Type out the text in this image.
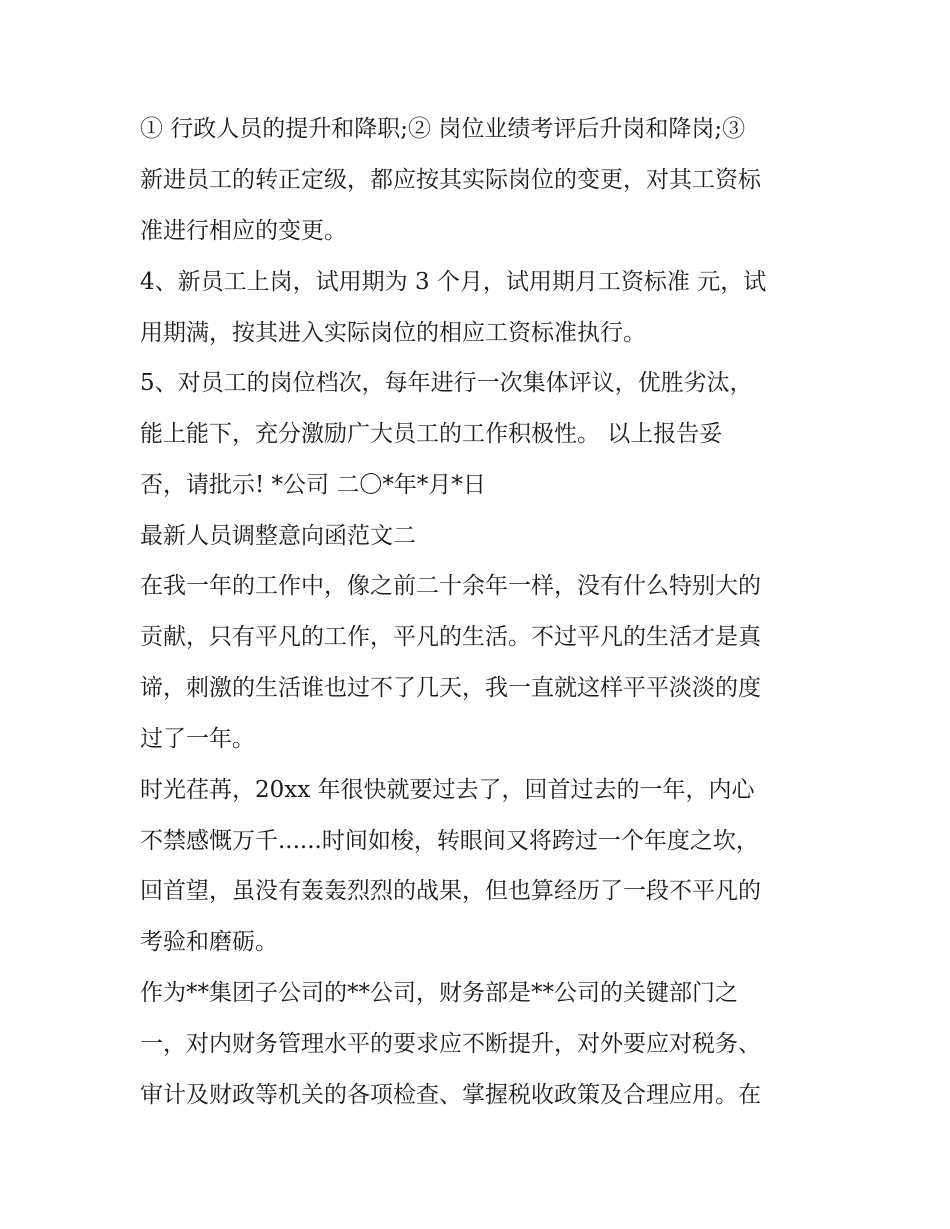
① 行政人员的提升和降职;② 岗位业绩考评后升岗和降岗;③

新进员工的转正定级，都应按其实际岗位的变更，对其工资标

准进行相应的变更。

4、新员工上岗，试用期为 3 个月，试用期月工资标准 元，试

用期满，按其进入实际岗位的相应工资标准执行。

5、对员工的岗位档次，每年进行一次集体评议，优胜劣汰，

能上能下，充分激励广大员工的工作积极性。 以上报告妥

否，请批示! *公司 二〇*年*月*日

最新人员调整意向函范文二

在我一年的工作中，像之前二十余年一样，没有什么特别大的

贡献，只有平凡的工作，平凡的生活。不过平凡的生活才是真

谛，刺激的生活谁也过不了几天，我一直就这样平平淡淡的度

过了一年。

时光荏苒，20xx 年很快就要过去了，回首过去的一年，内心

不禁感慨万千......时间如梭，转眼间又将跨过一个年度之坎，

回首望，虽没有轰轰烈烈的战果，但也算经历了一段不平凡的

考验和磨砺。

作为**集团子公司的**公司，财务部是**公司的关键部门之

一，对内财务管理水平的要求应不断提升，对外要应对税务、

审计及财政等机关的各项检查、掌握税收政策及合理应用。在
